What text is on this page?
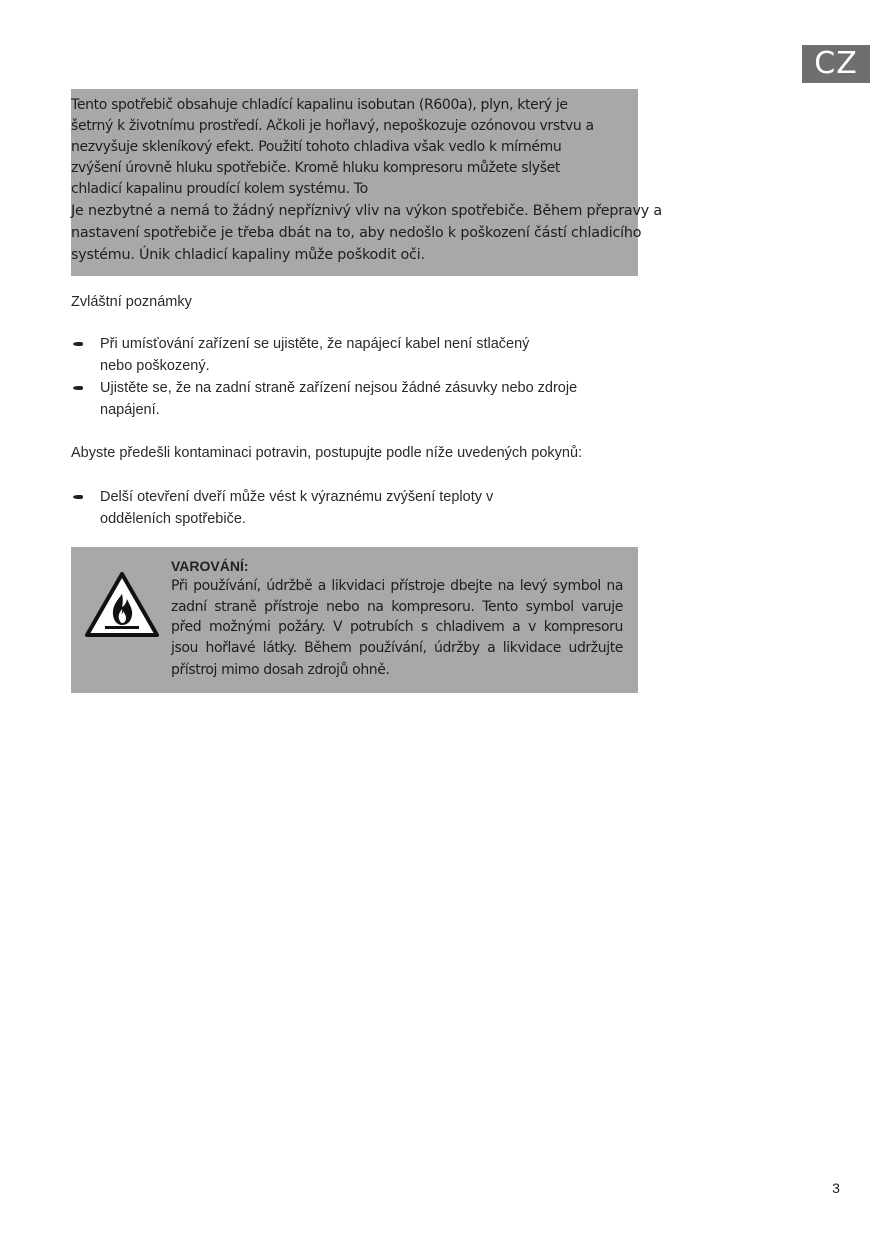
CZ
Tento spotřebič obsahuje chladící kapalinu isobutan (R600a), plyn, který je
šetrný k životnímu prostředí. Ačkoli je hořlavý, nepoškozuje ozónovou vrstvu a
nezvyšuje skleníkový efekt. Použití tohoto chladiva však vedlo k mírnému
zvýšení úrovně hluku spotřebiče. Kromě hluku kompresoru můžete slyšet
chladicí kapalinu proudící kolem systému. To
Je nezbytné a nemá to žádný nepříznivý vliv na výkon spotřebiče. Během přepravy a
nastavení spotřebiče je třeba dbát na to, aby nedošlo k poškození částí chladicího
systému. Únik chladicí kapaliny může poškodit oči.
Zvláštní poznámky
Při umísťování zařízení se ujistěte, že napájecí kabel není stlačený
nebo poškozený.
Ujistěte se, že na zadní straně zařízení nejsou žádné zásuvky nebo zdroje
napájení.
Abyste předešli kontaminaci potravin, postupujte podle níže uvedených pokynů:
Delší otevření dveří může vést k výraznému zvýšení teploty v
odděleních spotřebiče.
VAROVÁNÍ:
Při používání, údržbě a likvidaci přístroje dbejte na levý symbol na
zadní straně přístroje nebo na kompresoru. Tento symbol varuje
před možnými požáry. V potrubích s chladivem a v kompresoru
jsou hořlavé látky. Během používání, údržby a likvidace udržujte
přístroj mimo dosah zdrojů ohně.
3
